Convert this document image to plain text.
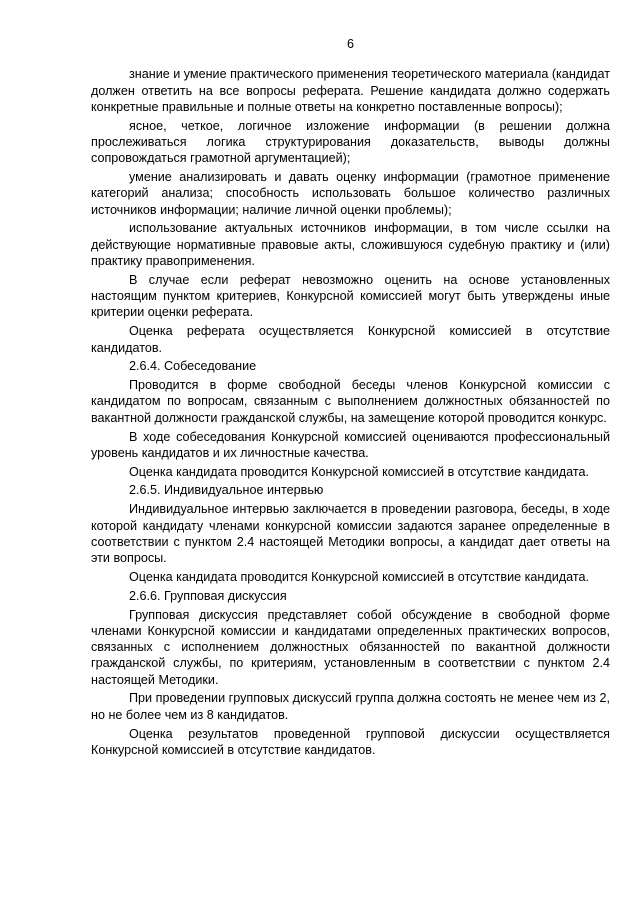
6

знание и умение практического применения теоретического материала (кандидат должен ответить на все вопросы реферата. Решение кандидата должно содержать конкретные правильные и полные ответы на конкретно поставленные вопросы);

ясное, четкое, логичное изложение информации (в решении должна прослеживаться логика структурирования доказательств, выводы должны сопровождаться грамотной аргументацией);

умение анализировать и давать оценку информации (грамотное применение категорий анализа; способность использовать большое количество различных источников информации; наличие личной оценки проблемы);

использование актуальных источников информации, в том числе ссылки на действующие нормативные правовые акты, сложившуюся судебную практику и (или) практику правоприменения.

В случае если реферат невозможно оценить на основе установленных настоящим пунктом критериев, Конкурсной комиссией могут быть утверждены иные критерии оценки реферата.

Оценка реферата осуществляется Конкурсной комиссией в отсутствие кандидатов.

2.6.4. Собеседование

Проводится в форме свободной беседы членов Конкурсной комиссии с кандидатом по вопросам, связанным с выполнением должностных обязанностей по вакантной должности гражданской службы, на замещение которой проводится конкурс.

В ходе собеседования Конкурсной комиссией оцениваются профессиональный уровень кандидатов и их личностные качества.

Оценка кандидата проводится Конкурсной комиссией в отсутствие кандидата.

2.6.5. Индивидуальное интервью

Индивидуальное интервью заключается в проведении разговора, беседы, в ходе которой кандидату членами конкурсной комиссии задаются заранее определенные в соответствии с пунктом 2.4 настоящей Методики вопросы, а кандидат дает ответы на эти вопросы.

Оценка кандидата проводится Конкурсной комиссией в отсутствие кандидата.

2.6.6. Групповая дискуссия

Групповая дискуссия представляет собой обсуждение в свободной форме членами Конкурсной комиссии и кандидатами определенных практических вопросов, связанных с исполнением должностных обязанностей по вакантной должности гражданской службы, по критериям, установленным в соответствии с пунктом 2.4 настоящей Методики.

При проведении групповых дискуссий группа должна состоять не менее чем из 2, но не более чем из 8 кандидатов.

Оценка результатов проведенной групповой дискуссии осуществляется Конкурсной комиссией в отсутствие кандидатов.
